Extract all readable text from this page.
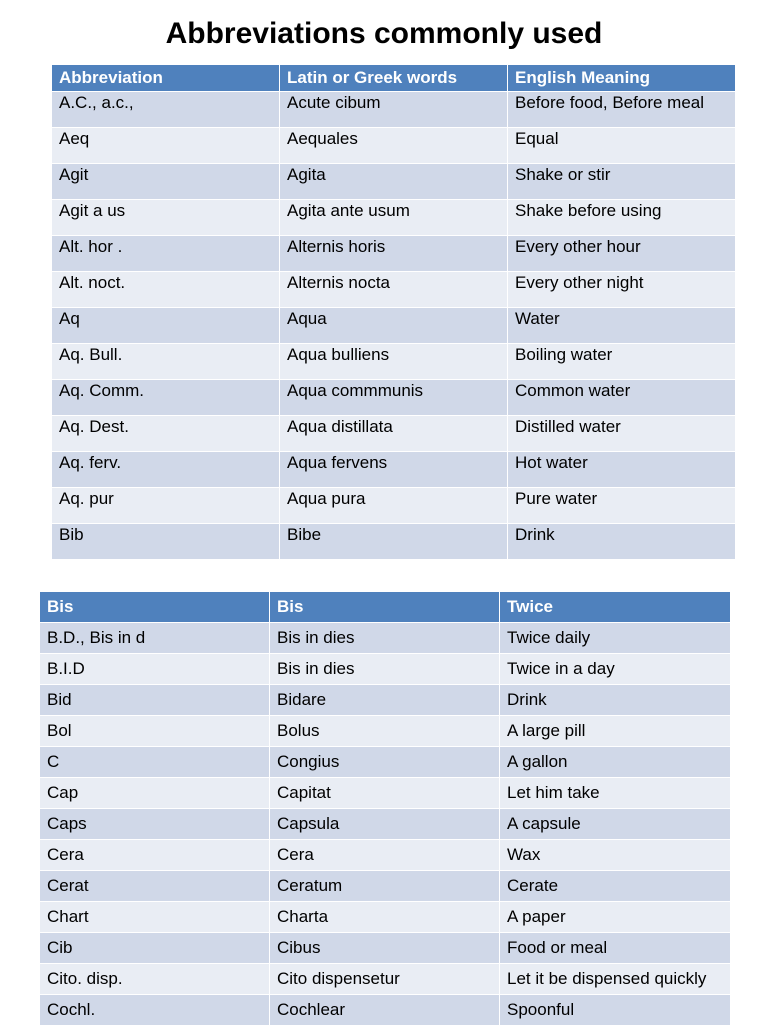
Abbreviations commonly used
Abbreviation	Latin or Greek words	English Meaning
A.C., a.c.,	Acute cibum	Before food, Before meal
Aeq	Aequales	Equal
Agit	Agita	Shake or stir
Agit a us	Agita ante usum	Shake before using
Alt. hor .	Alternis horis	Every other hour
Alt. noct.	Alternis nocta	Every other night
Aq	Aqua	Water
Aq. Bull.	Aqua bulliens	Boiling water
Aq. Comm.	Aqua commmunis	Common water
Aq. Dest.	Aqua distillata	Distilled water
Aq. ferv.	Aqua fervens	Hot water
Aq. pur	Aqua pura	Pure water
Bib	Bibe	Drink
Bis	Bis	Twice
B.D., Bis in d	Bis in dies	Twice daily
B.I.D	Bis in dies	Twice in a day
Bid	Bidare	Drink
Bol	Bolus	A large pill
C	Congius	A gallon
Cap	Capitat	Let him take
Caps	Capsula	A capsule
Cera	Cera	Wax
Cerat	Ceratum	Cerate
Chart	Charta	A paper
Cib	Cibus	Food or meal
Cito. disp.	Cito dispensetur	Let it be dispensed quickly
Cochl.	Cochlear	Spoonful
